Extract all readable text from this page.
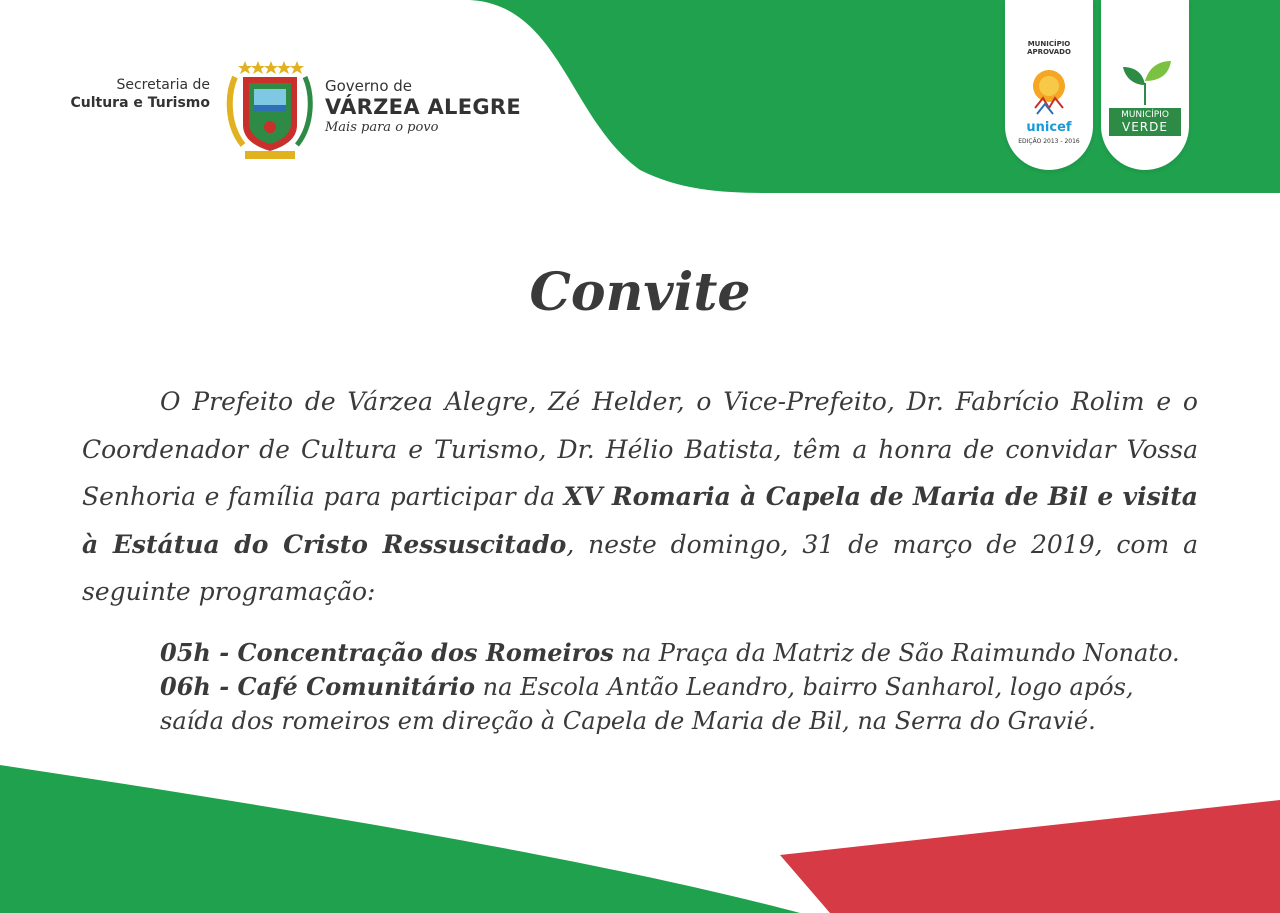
Secretaria de
Cultura e Turismo
Governo de
VÁRZEA ALEGRE
Mais para o povo
MUNICÍPIO APROVADO
unicef
EDIÇÃO 2013 - 2016
MUNICÍPIO
VERDE
Convite

O Prefeito de Várzea Alegre, Zé Helder, o Vice-Prefeito, Dr. Fabrício Rolim e o Coordenador de Cultura e Turismo, Dr. Hélio Batista, têm a honra de convidar Vossa Senhoria e família para participar da XV Romaria à Capela de Maria de Bil e visita à Estátua do Cristo Ressuscitado, neste domingo, 31 de março de 2019, com a seguinte programação:

05h - Concentração dos Romeiros na Praça da Matriz de São Raimundo Nonato.
06h - Café Comunitário na Escola Antão Leandro, bairro Sanharol, logo após,
saída dos romeiros em direção à Capela de Maria de Bil, na Serra do Gravié.
